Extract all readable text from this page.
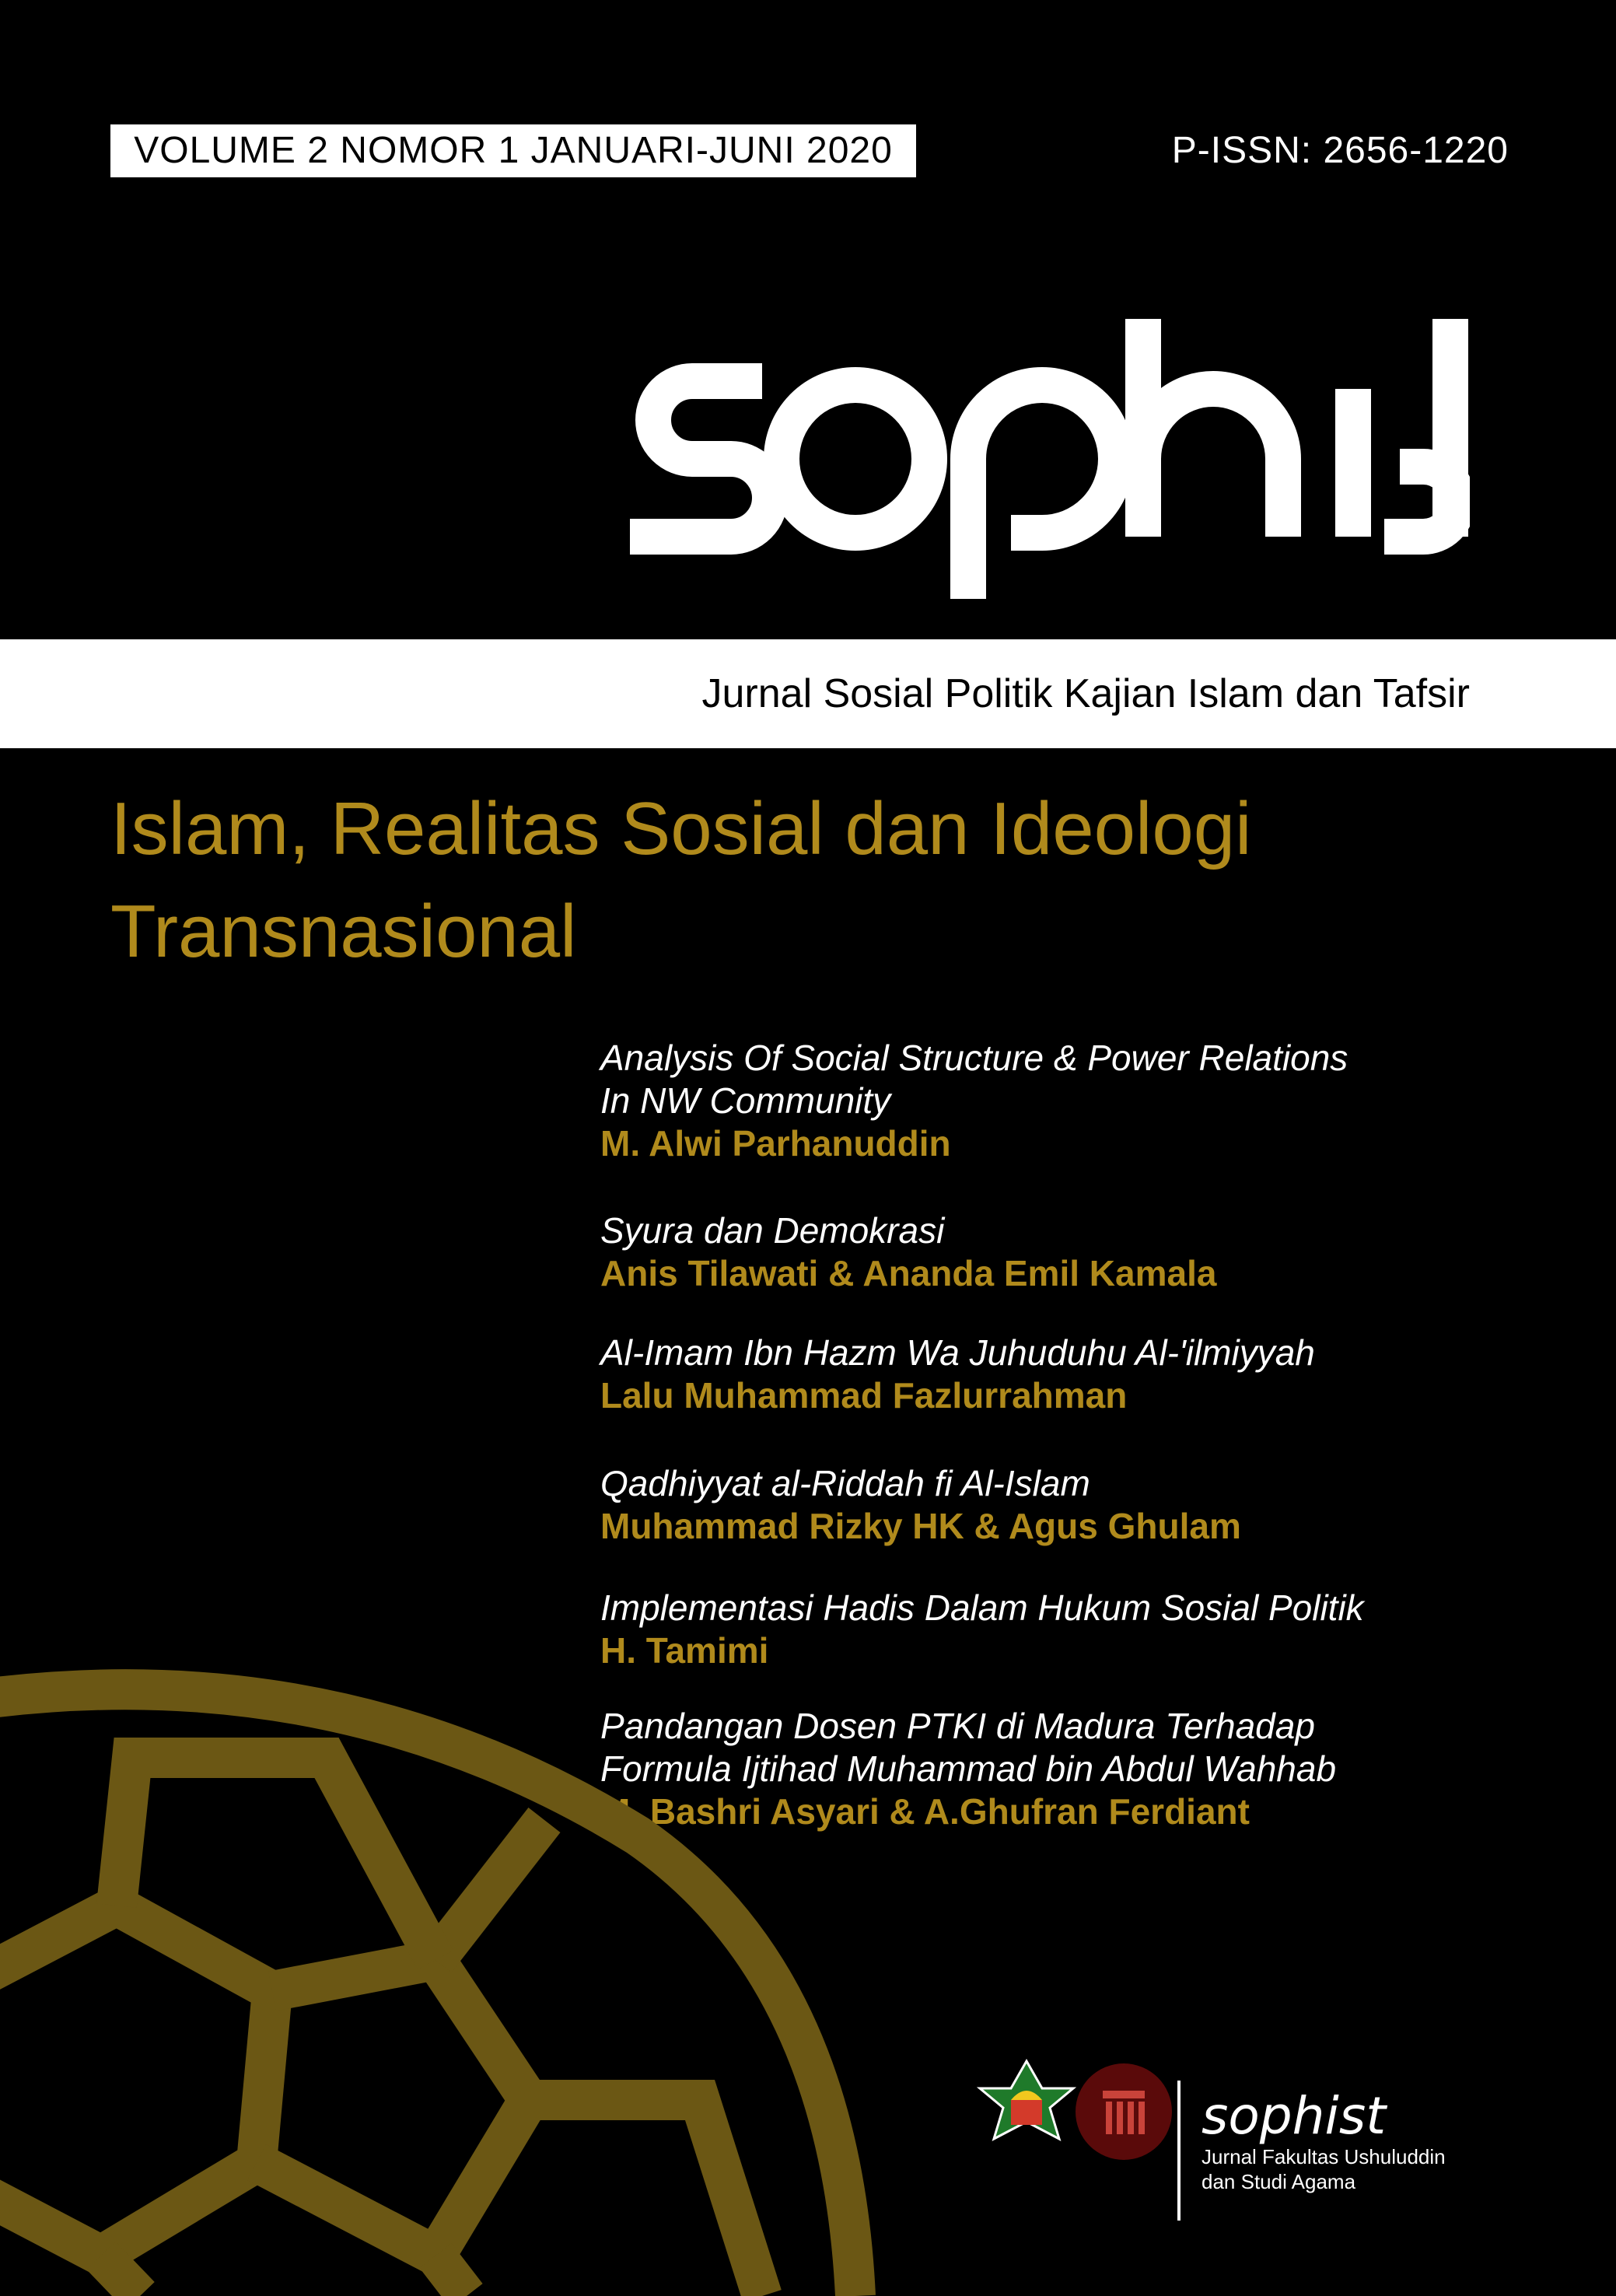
VOLUME 2 NOMOR 1 JANUARI-JUNI 2020	P-ISSN: 2656-1220
Jurnal Sosial Politik Kajian Islam dan Tafsir
Islam, Realitas Sosial dan Ideologi Transnasional
Analysis Of Social Structure & Power Relations
In NW Community
M. Alwi Parhanuddin
Syura dan Demokrasi
Anis Tilawati & Ananda Emil Kamala
Al-Imam Ibn Hazm Wa Juhuduhu Al-'ilmiyyah
Lalu Muhammad Fazlurrahman
Qadhiyyat al-Riddah fi Al-Islam
Muhammad Rizky HK & Agus Ghulam
Implementasi Hadis Dalam Hukum Sosial Politik
H. Tamimi
Pandangan Dosen PTKI di Madura Terhadap
Formula Ijtihad Muhammad bin Abdul Wahhab
M. Bashri Asyari & A.Ghufran Ferdiant
sophist
Jurnal Fakultas Ushuluddin
dan Studi Agama
